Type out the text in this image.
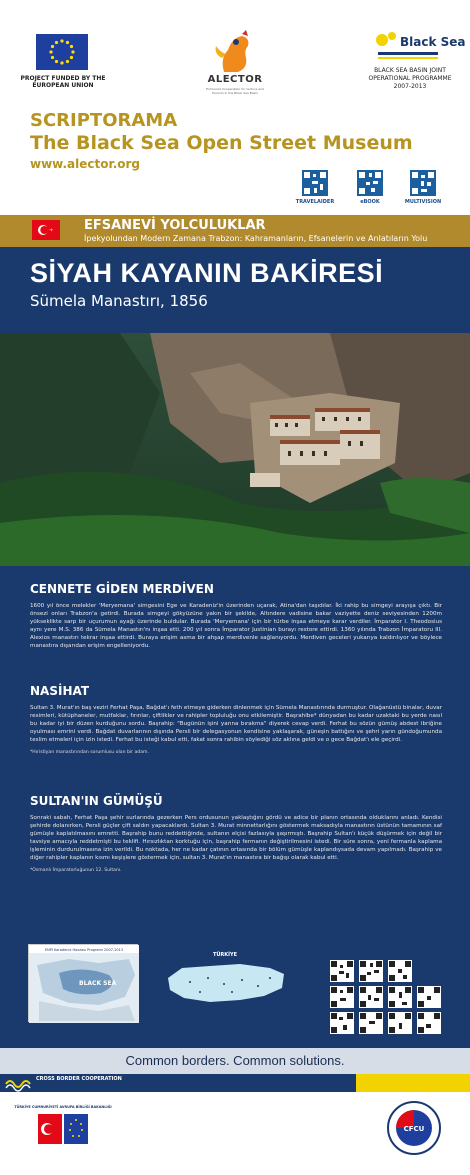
PROJECT FUNDED BY THE EUROPEAN UNION
ALECTOR
Enhanced Cooperation for Culture and Tourism in the Black Sea Basin
Black Sea
BLACK SEA BASIN JOINT OPERATIONAL PROGRAMME 2007-2013
SCRIPTORAMA
The Black Sea Open Street Museum
www.alector.org
TRAVELAIDER	eBOOK	MULTIVISION
EFSANEVİ YOLCULUKLAR
İpekyolundan Modern Zamana Trabzon: Kahramanların, Efsanelerin ve Anlatıların Yolu
SİYAH KAYANIN BAKİRESİ
Sümela Manastırı, 1856
CENNETE GİDEN MERDİVEN
1600 yıl önce melekler 'Meryemana' simgesini Ege ve Karadeniz'in üzerinden uçarak, Atina'dan taşıdılar. İki rahip bu simgeyi arayışa çıktı. Bir önsezi onları Trabzon'a getirdi. Burada simgeyi gökyüzüne yakın bir şekilde, Altındere vadisine bakar vaziyette deniz seviyesinden 1200m yükseklikte sarp bir uçurumun ayağı üzerinde buldular. Burada 'Meryemana' için bir türbe inşaa etmeye karar verdiler. İmparator I. Theodosius aynı yere M.S. 386 da Sümela Manastırı'nı inşaa etti. 200 yıl sonra İmparator Justinian burayı restore ettirdi. 1360 yılında Trabzon İmparatoru III. Alexios manastırı tekrar inşaa ettirdi. Buraya erişim asma bir ahşap merdivenle sağlanıyordu. Merdiven geceleri yukarıya kaldırılıyor ve böylece manastıra dışarıdan erişim engelleniyordu.
NASİHAT
Sultan 3. Murat'ın baş veziri Ferhat Paşa, Bağdat'ı feth etmeye giderken dinlenmek için Sümela Manastırında durmuştur. Olağanüstü binalar, duvar resimleri, kütüphaneler, mutfaklar, fırınlar, çiftlikler ve rahipler topluluğu onu etkilemiştir. Başrahibe* dünyadan bu kadar uzaktaki bu yerde nasıl bu kadar iyi bir düzen kurduğunu sordu. Başrahip: "Bugünün işini yarına bırakma" diyerek cevap verdi. Ferhat bu sözün gümüş abdest ibriğine oyulması emrini verdi. Bağdat duvarlarının dışında Persli bir delegasyonun kendisine yaklaşarak, güneşin battığını ve şehri yarın gündoğumunda teslim etmeleri için izin istedi. Ferhat bu isteği kabul etti, fakat sonra rahibin söylediği söz aklına geldi ve o gece Bağdat'ı ele geçirdi.
*Hıristiyan manastırından sorumlusu olan bir adam.
SULTAN'IN GÜMÜŞÜ
Sonraki sabah, Ferhat Paşa şehir surlarında gezerken Pers ordusunun yaklaştığını gördü ve adice bir planın ortasında olduklarını anladı. Kendisi şehirde dolanırken, Persli güçler çift saldırı yapacaklardı. Sultan 3. Murat minnettarlığını göstermek maksadıyla manastırın üstünün tamamının saf gümüşle kaplatılmasını emretti. Başrahip bunu reddettiğinde, sultanın elçisi fazlasıyla şaşırmıştı. Başrahip Sultan'ı küçük düşürmek için değil bir tavsiye amacıyla reddetmişti bu teklifi. Hırsızlıktan korktuğu için, başrahip fermanın değiştirilmesini istedi. Bir süre sonra, yeni fermanla kaplama işleminin durdurulmasına izin verildi. Bu noktada, her ne kadar çatının ortasında bir bölüm gümüşle kaplandıysada devam yapılmadı. Başrahip ve diğer rahipler kaplanın kısmı keşişlere göstermek için, sultan 3. Murat'ın manastıra bir bağışı olarak kabul etti.
*Osmanlı İmparatorluğunun 12. Sultanı.
ENPI Karadeniz Havzası Programı 2007-2013
BLACK SEA
TÜRKİYE
Common borders. Common solutions.
CROSS BORDER COOPERATION
TÜRKİYE CUMHURİYETİ AVRUPA BİRLİĞİ BAKANLIĞI
CFCU
